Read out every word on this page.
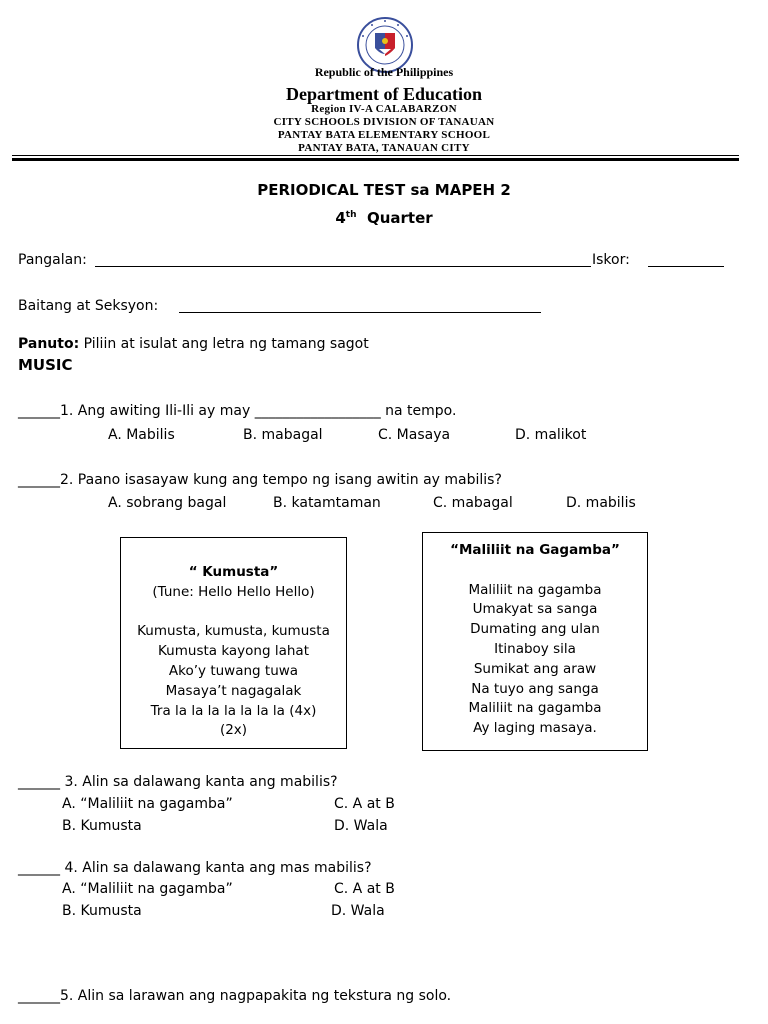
Republic of the Philippines
Department of Education
Region IV-A CALABARZON
CITY SCHOOLS DIVISION OF TANAUAN
PANTAY BATA ELEMENTARY SCHOOL
PANTAY BATA, TANAUAN CITY
PERIODICAL TEST sa MAPEH 2
4th Quarter
Pangalan:	Iskor:
Baitang at Seksyon:
Panuto: Piliin at isulat ang letra ng tamang sagot
MUSIC
______1. Ang awiting Ili-Ili ay may __________________ na tempo.
A. Mabilis	B. mabagal	C. Masaya	D. malikot
______2. Paano isasayaw kung ang tempo ng isang awitin ay mabilis?
A. sobrang bagal	B. katamtaman	C. mabagal	D. mabilis
“ Kumusta”
(Tune: Hello Hello Hello)

Kumusta, kumusta, kumusta
Kumusta kayong lahat
Ako’y tuwang tuwa
Masaya’t nagagalak
Tra la la la la la la la (4x)
(2x)
“Maliliit na Gagamba”

Maliliit na gagamba
Umakyat sa sanga
Dumating ang ulan
Itinaboy sila
Sumikat ang araw
Na tuyo ang sanga
Maliliit na gagamba
Ay laging masaya.
______ 3. Alin sa dalawang kanta ang mabilis?
A. “Maliliit na gagamba”	C. A at B
B. Kumusta	D. Wala
______ 4. Alin sa dalawang kanta ang mas mabilis?
A. “Maliliit na gagamba”	C. A at B
B. Kumusta	D. Wala
______5. Alin sa larawan ang nagpapakita ng tekstura ng solo.
